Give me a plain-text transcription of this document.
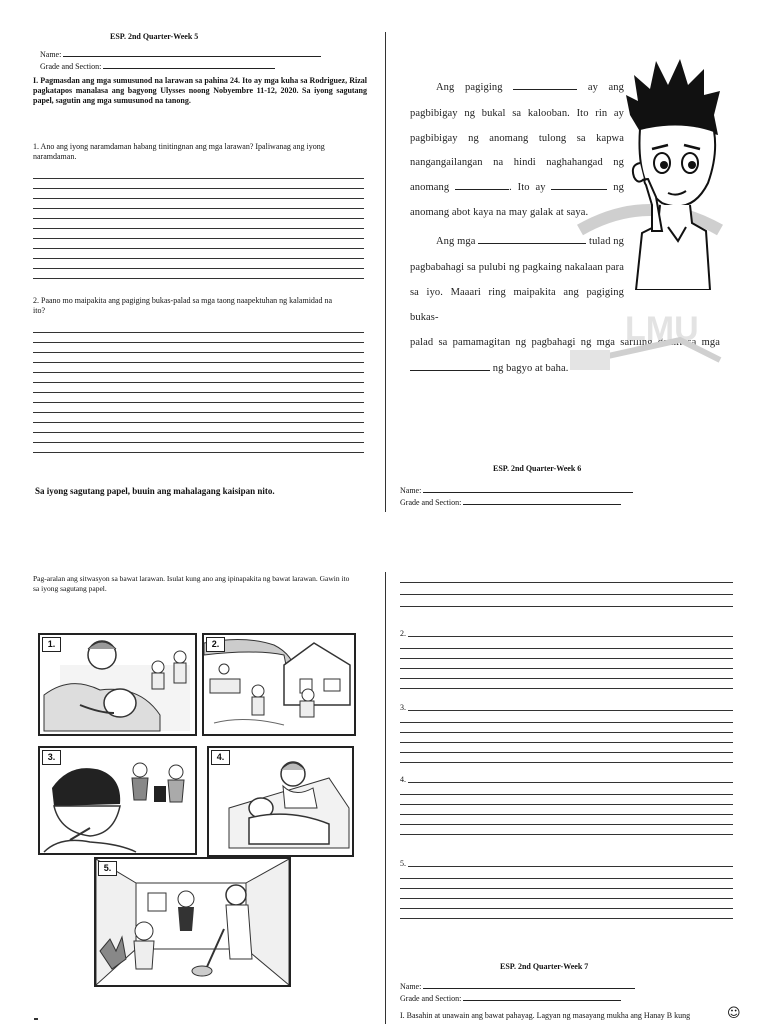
ESP. 2nd Quarter-Week 5
Name:
Grade and Section:
I. Pagmasdan ang mga sumusunod na larawan sa pahina 24. Ito ay mga kuha sa Rodriguez, Rizal pagkatapos manalasa ang bagyong Ulysses noong Nobyembre 11-12, 2020. Sa iyong sagutang papel, sagutin ang mga sumusunod na tanong.
1. Ano ang iyong naramdaman habang tinitingnan ang mga larawan? Ipaliwanag ang iyong naramdaman.
2. Paano mo maipakita ang pagiging bukas-palad sa mga taong naapektuhan ng kalamidad na ito?
Sa iyong sagutang papel, buuin ang mahalagang kaisipan nito.

Ang pagiging	ay ang

pagbibigay ng bukal sa kalooban. Ito rin ay

pagbibigay ng anomang tulong sa kapwa

nangangailangan na hindi naghahangad ng

anomang	. Ito ay	ng

anomang abot kaya na may galak at saya.

Ang mga	tulad ng

pagbabahagi sa pulubi ng pagkaing nakalaan para

sa iyo. Maaari ring maipakita ang pagiging bukas-

palad sa pamamagitan ng pagbahagi ng mga sariling damit sa mga

ng bagyo at baha.

LMU
ESP. 2nd Quarter-Week 6
Name:
Grade and Section:
Pag-aralan ang sitwasyon sa bawat larawan. Isulat kung ano ang ipinapakita ng bawat larawan. Gawin ito sa iyong sagutang papel.
1.	2.
3.	4.
5.
2.
3.
4.
5.
ESP. 2nd Quarter-Week 7
Name:
Grade and Section:
I. Basahin at unawain ang bawat pahayag. Lagyan ng masayang mukha ang Hanay B kung	☺
